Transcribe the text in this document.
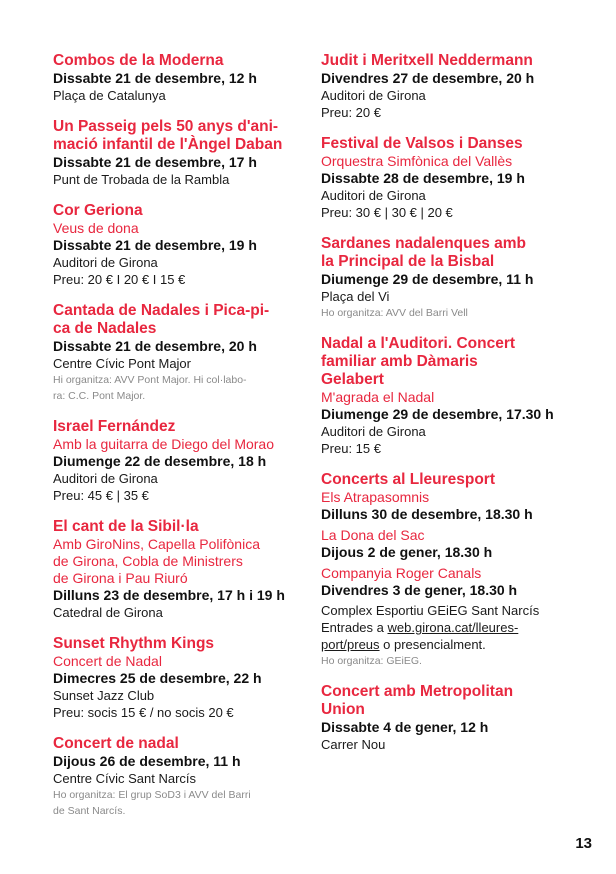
Combos de la Moderna
Dissabte 21 de desembre, 12 h
Plaça de Catalunya
Un Passeig pels 50 anys d'ani-
mació infantil de l'Àngel Daban
Dissabte 21 de desembre, 17 h
Punt de Trobada de la Rambla
Cor Geriona
Veus de dona
Dissabte 21 de desembre, 19 h
Auditori de Girona
Preu: 20 € I 20 € I 15 €
Cantada de Nadales i Pica-pi-
ca de Nadales
Dissabte 21 de desembre, 20 h
Centre Cívic Pont Major
Hi organitza: AVV Pont Major. Hi col·labo-
ra: C.C. Pont Major.
Israel Fernández
Amb la guitarra de Diego del Morao
Diumenge 22 de desembre, 18 h
Auditori de Girona
Preu: 45 € | 35 €
El cant de la Sibil·la
Amb GiroNins, Capella Polifònica
de Girona, Cobla de Ministrers
de Girona i Pau Riuró
Dilluns 23 de desembre, 17 h i 19 h
Catedral de Girona
Sunset Rhythm Kings
Concert de Nadal
Dimecres 25 de desembre, 22 h
Sunset Jazz Club
Preu: socis 15 € / no socis 20 €
Concert de nadal
Dijous 26 de desembre, 11 h
Centre Cívic Sant Narcís
Ho organitza: El grup SoD3 i AVV del Barri
de Sant Narcís.
Judit i Meritxell Neddermann
Divendres 27 de desembre, 20 h
Auditori de Girona
Preu: 20 €
Festival de Valsos i Danses
Orquestra Simfònica del Vallès
Dissabte 28 de desembre, 19 h
Auditori de Girona
Preu: 30 € | 30 € | 20 €
Sardanes nadalenques amb
la Principal de la Bisbal
Diumenge 29 de desembre, 11 h
Plaça del Vi
Ho organitza: AVV del Barri Vell
Nadal a l'Auditori. Concert
familiar amb Dàmaris
Gelabert
M'agrada el Nadal
Diumenge 29 de desembre, 17.30 h
Auditori de Girona
Preu: 15 €
Concerts al Lleuresport
Els Atrapasomnis
Dilluns 30 de desembre, 18.30 h
La Dona del Sac
Dijous 2 de gener, 18.30 h
Companyia Roger Canals
Divendres 3 de gener, 18.30 h
Complex Esportiu GEiEG Sant Narcís
Entrades a web.girona.cat/lleures-
port/preus o presencialment.
Ho organitza: GEiEG.
Concert amb Metropolitan
Union
Dissabte 4 de gener, 12 h
Carrer Nou
13
